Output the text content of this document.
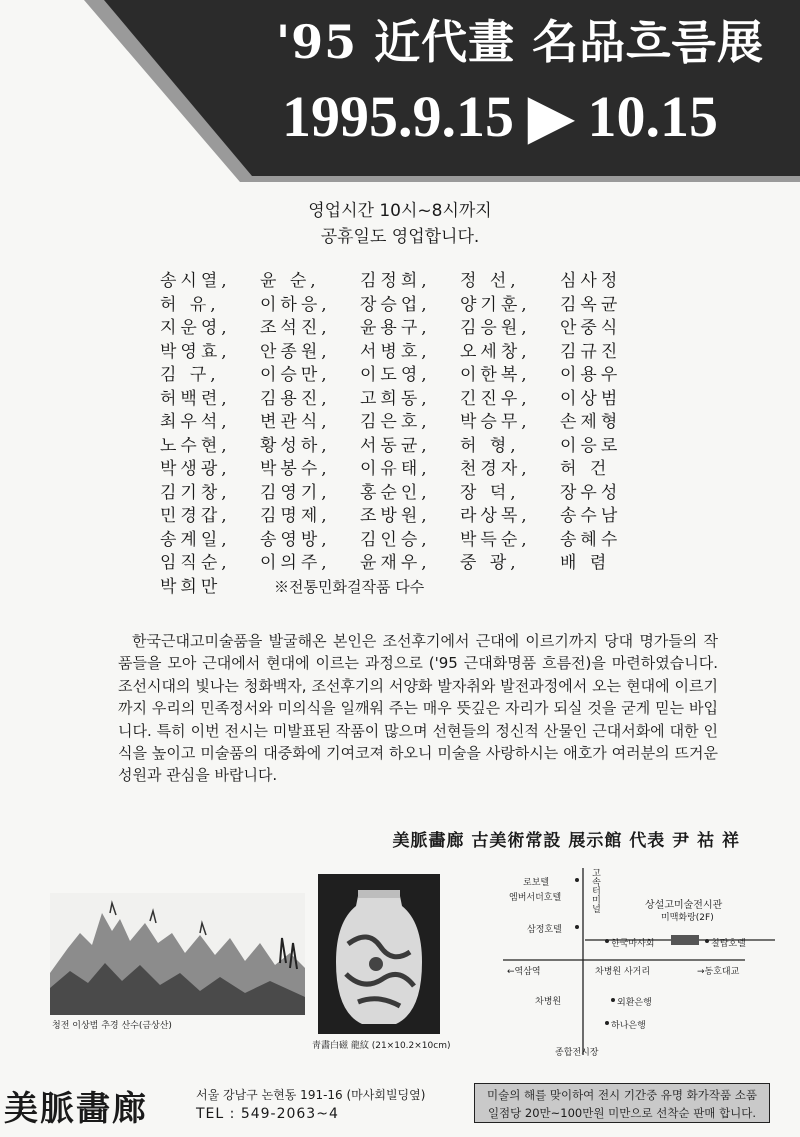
'95 近代畫 名品흐름展
1995.9.15 ▶ 10.15
영업시간 10시~8시까지
공휴일도 영업합니다.
송시열,	윤 순,	김정희,	정 선,	심사정
허 유,	이하응,	장승업,	양기훈,	김옥균
지운영,	조석진,	윤용구,	김응원,	안중식
박영효,	안종원,	서병호,	오세창,	김규진
김 구,	이승만,	이도영,	이한복,	이용우
허백련,	김용진,	고희동,	긴진우,	이상범
최우석,	변관식,	김은호,	박승무,	손제형
노수현,	황성하,	서동균,	허 형,	이응로
박생광,	박봉수,	이유태,	천경자,	허 건
김기창,	김영기,	홍순인,	장 덕,	장우성
민경갑,	김명제,	조방원,	라상목,	송수남
송계일,	송영방,	김인승,	박득순,	송혜수
임직순,	이의주,	윤재우,	중 광,	배 렴
박희만	※전통민화걸작품 다수

한국근대고미술품을 발굴해온 본인은 조선후기에서 근대에 이르기까지 당대 명가들의 작품들을 모아 근대에서 현대에 이르는 과정으로 ('95 근대화명품 흐름전)을 마련하였습니다. 조선시대의 빛나는 청화백자, 조선후기의 서양화 발자취와 발전과정에서 오는 현대에 이르기 까지 우리의 민족정서와 미의식을 일깨워 주는 매우 뜻깊은 자리가 되실 것을 굳게 믿는 바입니다. 특히 이번 전시는 미발표된 작품이 많으며 선현들의 정신적 산물인 근대서화에 대한 인식을 높이고 미술품의 대중화에 기여코져 하오니 미술을 사랑하시는 애호가 여러분의 뜨거운 성원과 관심을 바랍니다.

美脈畵廊 古美術常設 展示館 代表 尹 祜 祥
청전 이상범 추경 산수(금상산)
靑畵白磁 龍紋 (21×10.2×10cm)
로보텔
엠버서더호텔
삼정호텔
고속터미널	상설고미술전시관
미맥화랑(2F)
한국마사회	칠탑호텔
←역삼역	차병원 사거리	→동호대교
차병원	외환은행
하나은행
종합전시장
美脈畵廊	서울 강남구 논현동 191-16 (마사회빌딩옆)
TEL : 549-2063~4
미술의 해를 맞이하여 전시 기간중 유명 화가작품 소품
일점당 20만~100만원 미만으로 선착순 판매 합니다.
